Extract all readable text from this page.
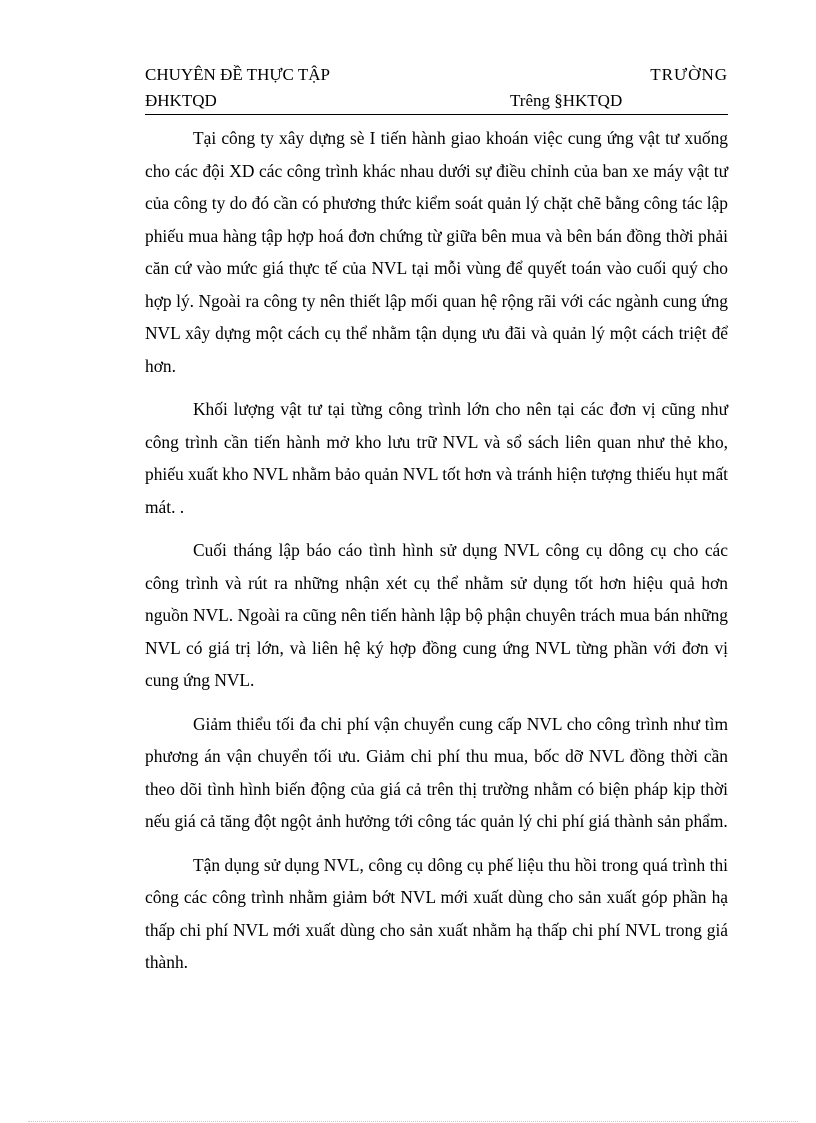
CHUYÊN ĐỀ THỰC TẬP	TRƯỜNG
ĐHKTQD	Trêng §HKTQD

Tại công ty xây dựng sè I tiến hành giao khoán việc cung ứng vật tư xuống cho các đội XD các công trình khác nhau dưới sự điều chỉnh của ban xe máy vật tư của công ty do đó cần có phương thức kiểm soát quản lý chặt chẽ bằng công tác lập phiếu mua hàng tập hợp hoá đơn chứng từ giữa bên mua và bên bán đồng thời phải căn cứ vào mức giá thực tế của NVL tại mỗi vùng để quyết toán vào cuối quý cho hợp lý. Ngoài ra công ty nên thiết lập mối quan hệ rộng rãi với các ngành cung ứng NVL xây dựng một cách cụ thể nhằm tận dụng ưu đãi và quản lý một cách triệt để hơn.

Khối lượng vật tư tại từng công trình lớn cho nên tại các đơn vị cũng như công trình cần tiến hành mở kho lưu trữ NVL và sổ sách liên quan như thẻ kho, phiếu xuất kho NVL nhằm bảo quản NVL tốt hơn và tránh hiện tượng thiếu hụt mất mát. .

Cuối tháng lập báo cáo tình hình sử dụng NVL công cụ dông cụ cho các công trình và rút ra những nhận xét cụ thể nhằm sử dụng tốt hơn hiệu quả hơn nguồn NVL. Ngoài ra cũng nên tiến hành lập bộ phận chuyên trách mua bán những NVL có giá trị lớn, và liên hệ ký hợp đồng cung ứng NVL từng phần với đơn vị cung ứng NVL.

Giảm thiểu tối đa chi phí vận chuyển cung cấp NVL cho công trình như tìm phương án vận chuyển tối ưu. Giảm chi phí thu mua, bốc dỡ NVL đồng thời cần theo dõi tình hình biến động của giá cả trên thị trường nhằm có biện pháp kịp thời nếu giá cả tăng đột ngột ảnh hưởng tới công tác quản lý chi phí giá thành sản phẩm.

Tận dụng sử dụng NVL, công cụ dông cụ phế liệu thu hồi trong quá trình thi công các công trình nhằm giảm bớt NVL mới xuất dùng cho sản xuất góp phần hạ thấp chi phí NVL mới xuất dùng cho sản xuất nhằm hạ thấp chi phí NVL trong giá thành.
